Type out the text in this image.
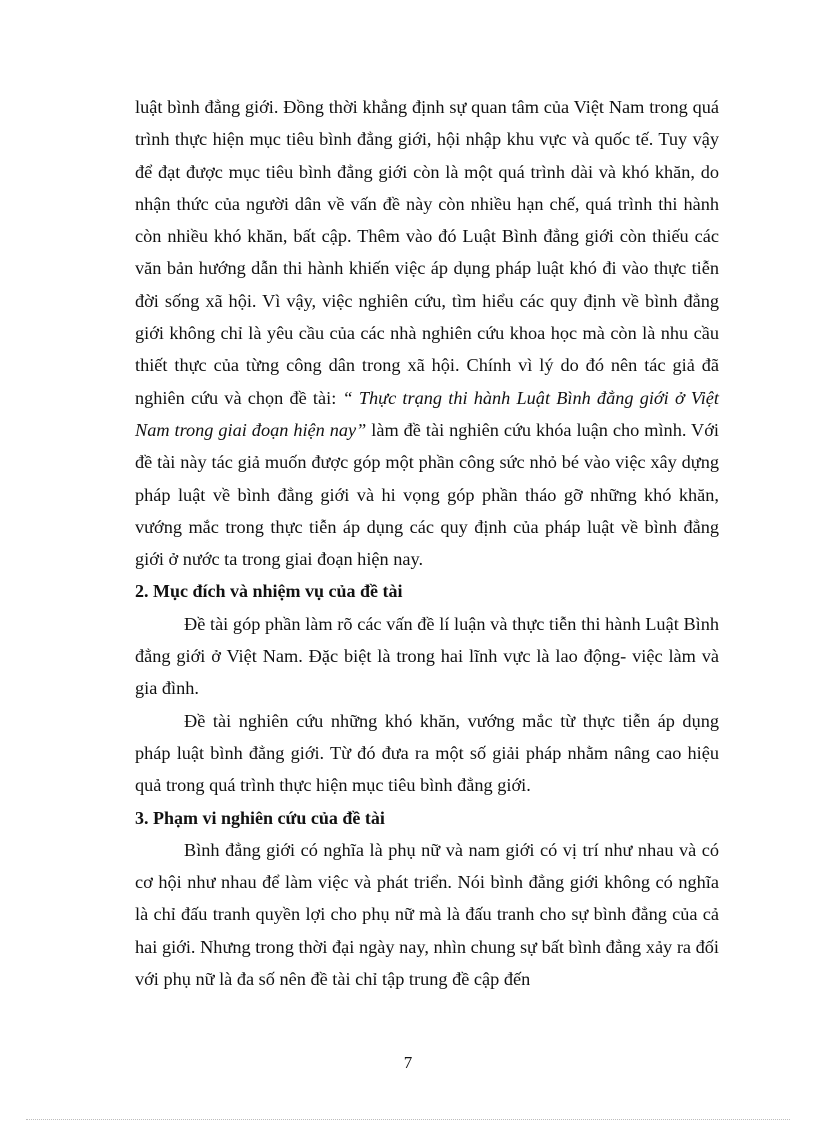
luật bình đẳng giới. Đồng thời khẳng định sự quan tâm của Việt Nam trong quá trình thực hiện mục tiêu bình đẳng giới, hội nhập khu vực và quốc tế. Tuy vậy để đạt được mục tiêu bình đẳng giới còn là một quá trình dài và khó khăn, do nhận thức của người dân về vấn đề này còn nhiều hạn chế, quá trình thi hành còn nhiều khó khăn, bất cập. Thêm vào đó Luật Bình đẳng giới còn thiếu các văn bản hướng dẫn thi hành khiến việc áp dụng pháp luật khó đi vào thực tiễn đời sống xã hội. Vì vậy, việc nghiên cứu, tìm hiểu các quy định về bình đẳng giới không chỉ là yêu cầu của các nhà nghiên cứu khoa học mà còn là nhu cầu thiết thực của từng công dân trong xã hội. Chính vì lý do đó nên tác giả đã nghiên cứu và chọn đề tài: “ Thực trạng thi hành Luật Bình đẳng giới ở Việt Nam trong giai đoạn hiện nay” làm đề tài nghiên cứu khóa luận cho mình. Với đề tài này tác giả muốn được góp một phần công sức nhỏ bé vào việc xây dựng pháp luật về bình đẳng giới và hi vọng góp phần tháo gỡ những khó khăn, vướng mắc trong thực tiễn áp dụng các quy định của pháp luật về bình đẳng giới ở nước ta trong giai đoạn hiện nay.

2. Mục đích và nhiệm vụ của đề tài

Đề tài góp phần làm rõ các vấn đề lí luận và thực tiễn thi hành Luật Bình đẳng giới ở Việt Nam. Đặc biệt là trong hai lĩnh vực là lao động- việc làm và gia đình.

Đề tài nghiên cứu những khó khăn, vướng mắc từ thực tiễn áp dụng pháp luật bình đẳng giới. Từ đó đưa ra một số giải pháp nhằm nâng cao hiệu quả trong quá trình thực hiện mục tiêu bình đẳng giới.

3. Phạm vi nghiên cứu của đề tài

Bình đẳng giới có nghĩa là phụ nữ và nam giới có vị trí như nhau và có cơ hội như nhau để làm việc và phát triển. Nói bình đẳng giới không có nghĩa là chỉ đấu tranh quyền lợi cho phụ nữ mà là đấu tranh cho sự bình đẳng của cả hai giới. Nhưng trong thời đại ngày nay, nhìn chung sự bất bình đẳng xảy ra đối với phụ nữ là đa số nên đề tài chỉ tập trung đề cập đến

7
